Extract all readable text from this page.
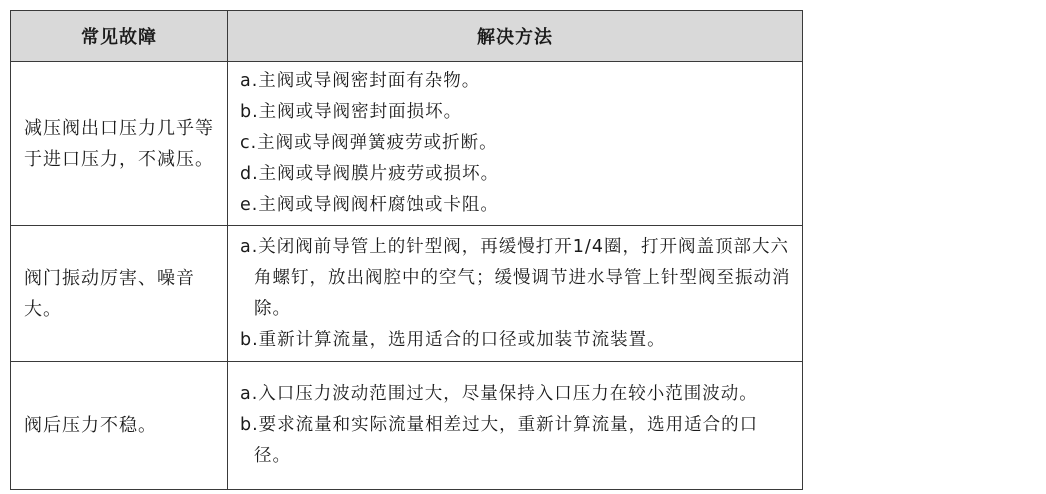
常见故障	解决方法
减压阀出口压力几乎等于进口压力，不减压。	a.主阀或导阀密封面有杂物。
b.主阀或导阀密封面损坏。
c.主阀或导阀弹簧疲劳或折断。
d.主阀或导阀膜片疲劳或损坏。
e.主阀或导阀阀杆腐蚀或卡阻。

阀门振动厉害、噪音大。	a.关闭阀前导管上的针型阀，再缓慢打开1/4圈，打开阀盖顶部大六角螺钉，放出阀腔中的空气；缓慢调节进水导管上针型阀至振动消除。
b.重新计算流量，选用适合的口径或加装节流装置。

阀后压力不稳。	a.入口压力波动范围过大，尽量保持入口压力在较小范围波动。
b.要求流量和实际流量相差过大，重新计算流量，选用适合的口径。
